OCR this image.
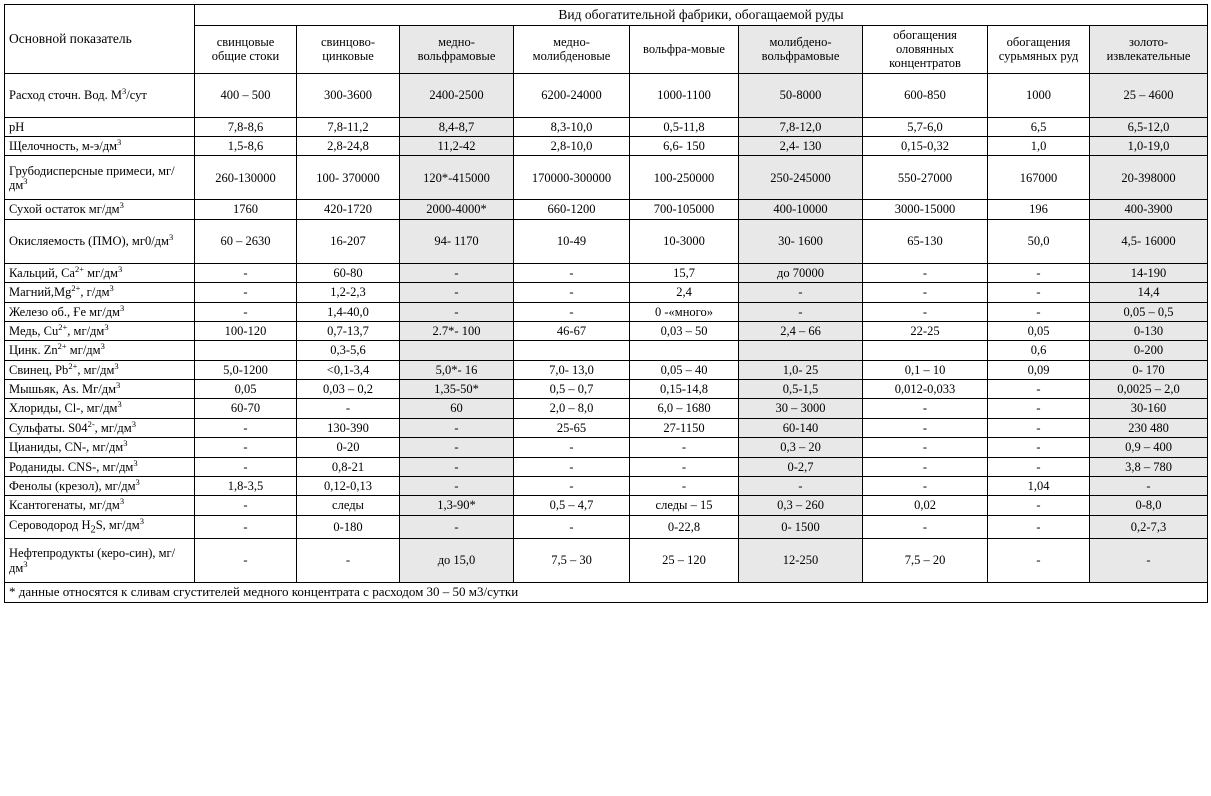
Основной показатель	Вид обогатительной фабрики, обогащаемой руды								
	свинцовые общие стоки	свинцово-цинковые	медно-вольфрамовые	медно-молибденовые	вольфра-мовые	молибдено-вольфрамовые	обогащения оловянных концентратов	обогащения сурьмяных руд	золото-извлекательные
Расход сточн. Вод. $М^3$/сут	400 – 500	300-3600	2400-2500	6200-24000	1000-1100	50-8000	600-850	1000	25 – 4600
pH	7,8-8,6	7,8-11,2	8,4-8,7	8,3-10,0	0,5-11,8	7,8-12,0	5,7-6,0	6,5	6,5-12,0
Щелочность, $м-э/дм^3$	1,5-8,6	2,8-24,8	11,2-42	2,8-10,0	6,6- 150	2,4- 130	0,15-0,32	1,0	1,0-19,0
Грубодисперсные примеси, $мг/дм^3$	260-130000	100- 370000	120*-415000	170000-300000	100-250000	250-245000	550-27000	167000	20-398000
Сухой остаток $мг/дм^3$	1760	420-1720	2000-4000*	660-1200	700-105000	400-10000	3000-15000	196	400-3900
Окисляемость (ПМО), $мг0/дм^3$	60 – 2630	16-207	94- 1170	10-49	10-3000	30- 1600	65-130	50,0	4,5- 16000
Кальций, $Са^{2+}$ $мг/дм^3$	-	60-80	-	-	15,7	до 70000	-	-	14-190
$Магний,Mg^{2+}$, $г/дм^3$	-	1,2-2,3	-	-	2,4	-	-	-	14,4
Железо об., Ғе $мг/дм^3$	-	1,4-40,0	-	-	0 -«много»	-	-	-	0,05 – 0,5
Медь, $Cu^{2+}$, $мг/дм^3$	100-120	0,7-13,7	2.7*- 100	46-67	0,03 – 50	2,4 – 66	22-25	0,05	0-130
Цинк. $Zn^{2+}$ $мг/дм^3$		0,3-5,6						0,6	0-200
Свинец, $Pb^{2+}$, $мг/дм^3$	5,0-1200	<0,1-3,4	5,0*- 16	7,0- 13,0	0,05 – 40	1,0- 25	0,1 – 10	0,09	0- 170
Мышьяк, As. $Мг/дм^3$	0,05	0,03 – 0,2	1,35-50*	0,5 – 0,7	0,15-14,8	0,5-1,5	0,012-0,033	-	0,0025 – 2,0
Хлориды, Cl-, $мг/дм^3$	60-70	-	60	2,0 – 8,0	6,0 – 1680	30 – 3000	-	-	30-160
Сульфаты. $S04^{2-}$, $мг/дм^3$	-	130-390	-	25-65	27-1150	60-140	-	-	230 480
Цианиды, CN-, $мг/дм^3$	-	0-20	-	-	-	0,3 – 20	-	-	0,9 – 400
Роданиды. CNS-, $мг/дм^3$	-	0,8-21	-	-	-	0-2,7	-	-	3,8 – 780
Фенолы (крезол), $мг/дм^3$	1,8-3,5	0,12-0,13	-	-	-	-	-	1,04	-
Ксантогенаты, $мг/дм^3$	-	следы	1,3-90*	0,5 – 4,7	следы – 15	0,3 – 260	0,02	-	0-8,0
Сероводород $H_2S$, $мг/дм^3$	-	0-180	-	-	0-22,8	0- 1500	-	-	0,2-7,3
Нефтепродукты (керо-син), $мг/дм^3$	-	-	до 15,0	7,5 – 30	25 – 120	12-250	7,5 – 20	-	-
* данные относятся к сливам сгустителей медного концентрата с расходом 30 – 50 м3/сутки									
